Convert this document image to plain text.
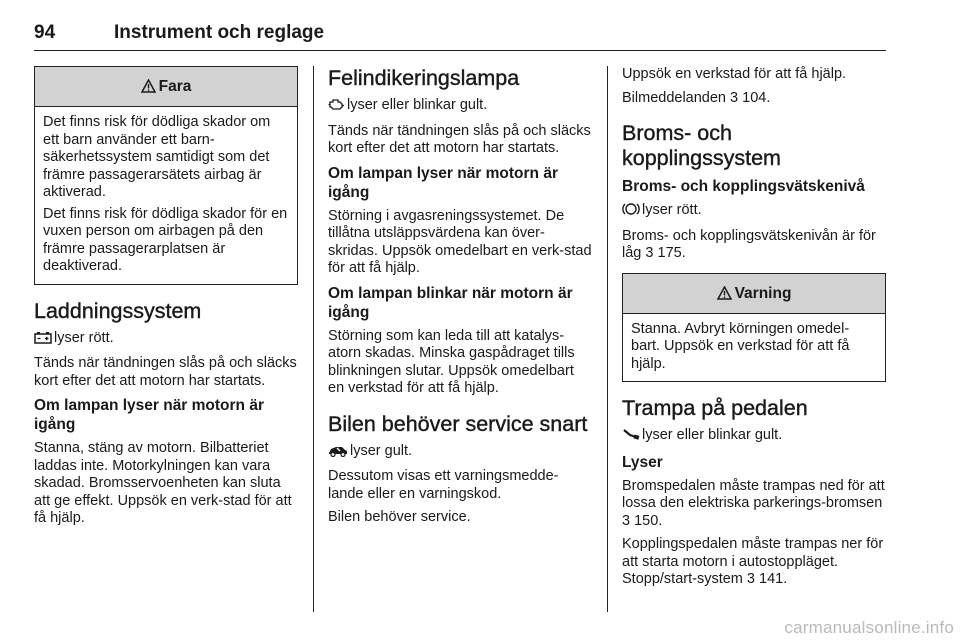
94	Instrument och reglage
Fara

Det finns risk för dödliga skador om ett barn använder ett barn-säkerhetssystem samtidigt som det främre passagerarsätets airbag är aktiverad.

Det finns risk för dödliga skador för en vuxen person om airbagen på den främre passagerarplatsen är deaktiverad.

Laddningssystem

lyser rött.

Tänds när tändningen slås på och släcks kort efter det att motorn har startats.

Om lampan lyser när motorn är igång

Stanna, stäng av motorn. Bilbatteriet laddas inte. Motorkylningen kan vara skadad. Bromsservoenheten kan sluta att ge effekt. Uppsök en verk-stad för att få hjälp.

Felindikeringslampa

lyser eller blinkar gult.

Tänds när tändningen slås på och släcks kort efter det att motorn har startats.

Om lampan lyser när motorn är igång

Störning i avgasreningssystemet. De tillåtna utsläppsvärdena kan över-skridas. Uppsök omedelbart en verk-stad för att få hjälp.

Om lampan blinkar när motorn är igång

Störning som kan leda till att katalys-atorn skadas. Minska gaspådraget tills blinkningen slutar. Uppsök omedelbart en verkstad för att få hjälp.

Bilen behöver service snart

lyser gult.

Dessutom visas ett varningsmedde-lande eller en varningskod.

Bilen behöver service.

Uppsök en verkstad för att få hjälp.

Bilmeddelanden 3 104.

Broms- och kopplingssystem
Broms- och kopplingsvätskenivå

lyser rött.

Broms- och kopplingsvätskenivån är för låg 3 175.

Varning

Stanna. Avbryt körningen omedel-bart. Uppsök en verkstad för att få hjälp.

Trampa på pedalen

lyser eller blinkar gult.

Lyser

Bromspedalen måste trampas ned för att lossa den elektriska parkerings-bromsen 3 150.

Kopplingspedalen måste trampas ner för att starta motorn i autostoppläget. Stopp/start-system 3 141.

carmanualsonline.info
